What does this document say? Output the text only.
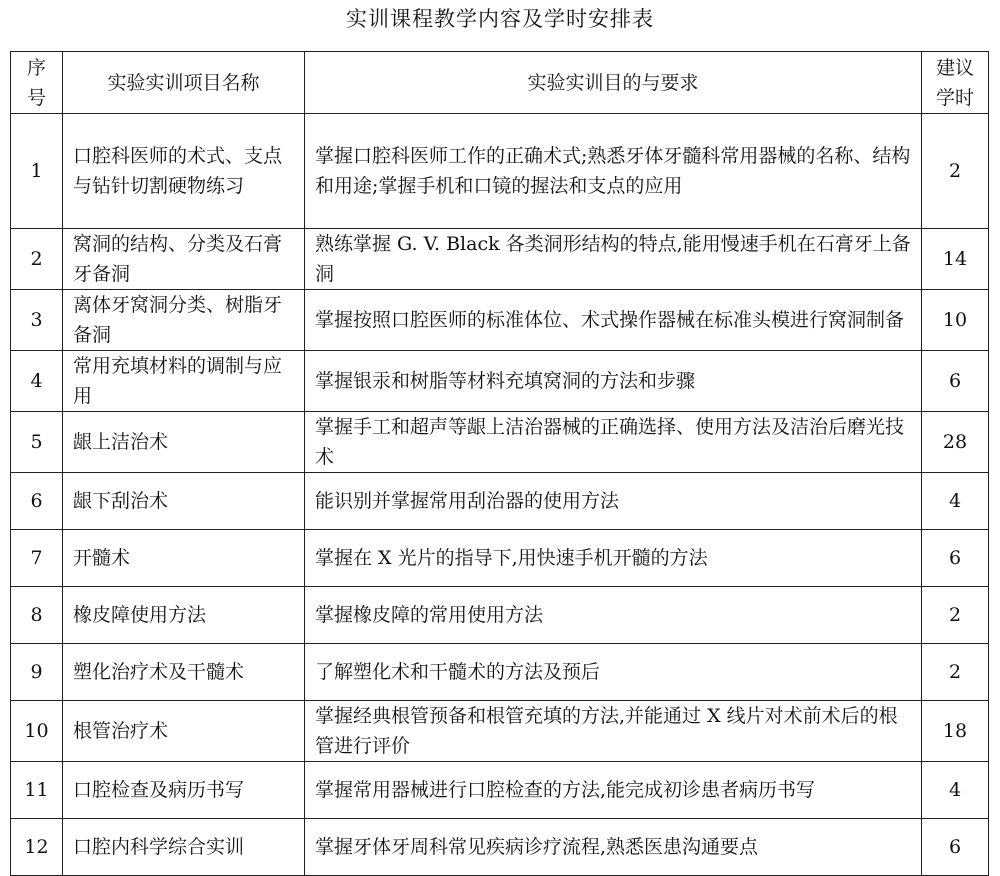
实训课程教学内容及学时安排表
序号	实验实训项目名称	实验实训目的与要求	建议学时
1	口腔科医师的术式、支点与钻针切割硬物练习	掌握口腔科医师工作的正确术式;熟悉牙体牙髓科常用器械的名称、结构和用途;掌握手机和口镜的握法和支点的应用	2
2	窝洞的结构、分类及石膏牙备洞	熟练掌握 G. V. Black 各类洞形结构的特点,能用慢速手机在石膏牙上备洞	14
3	离体牙窝洞分类、树脂牙备洞	掌握按照口腔医师的标准体位、术式操作器械在标准头模进行窝洞制备	10
4	常用充填材料的调制与应用	掌握银汞和树脂等材料充填窝洞的方法和步骤	6
5	龈上洁治术	掌握手工和超声等龈上洁治器械的正确选择、使用方法及洁治后磨光技术	28
6	龈下刮治术	能识别并掌握常用刮治器的使用方法	4
7	开髓术	掌握在 X 光片的指导下,用快速手机开髓的方法	6
8	橡皮障使用方法	掌握橡皮障的常用使用方法	2
9	塑化治疗术及干髓术	了解塑化术和干髓术的方法及预后	2
10	根管治疗术	掌握经典根管预备和根管充填的方法,并能通过 X 线片对术前术后的根管进行评价	18
11	口腔检查及病历书写	掌握常用器械进行口腔检查的方法,能完成初诊患者病历书写	4
12	口腔内科学综合实训	掌握牙体牙周科常见疾病诊疗流程,熟悉医患沟通要点	6
